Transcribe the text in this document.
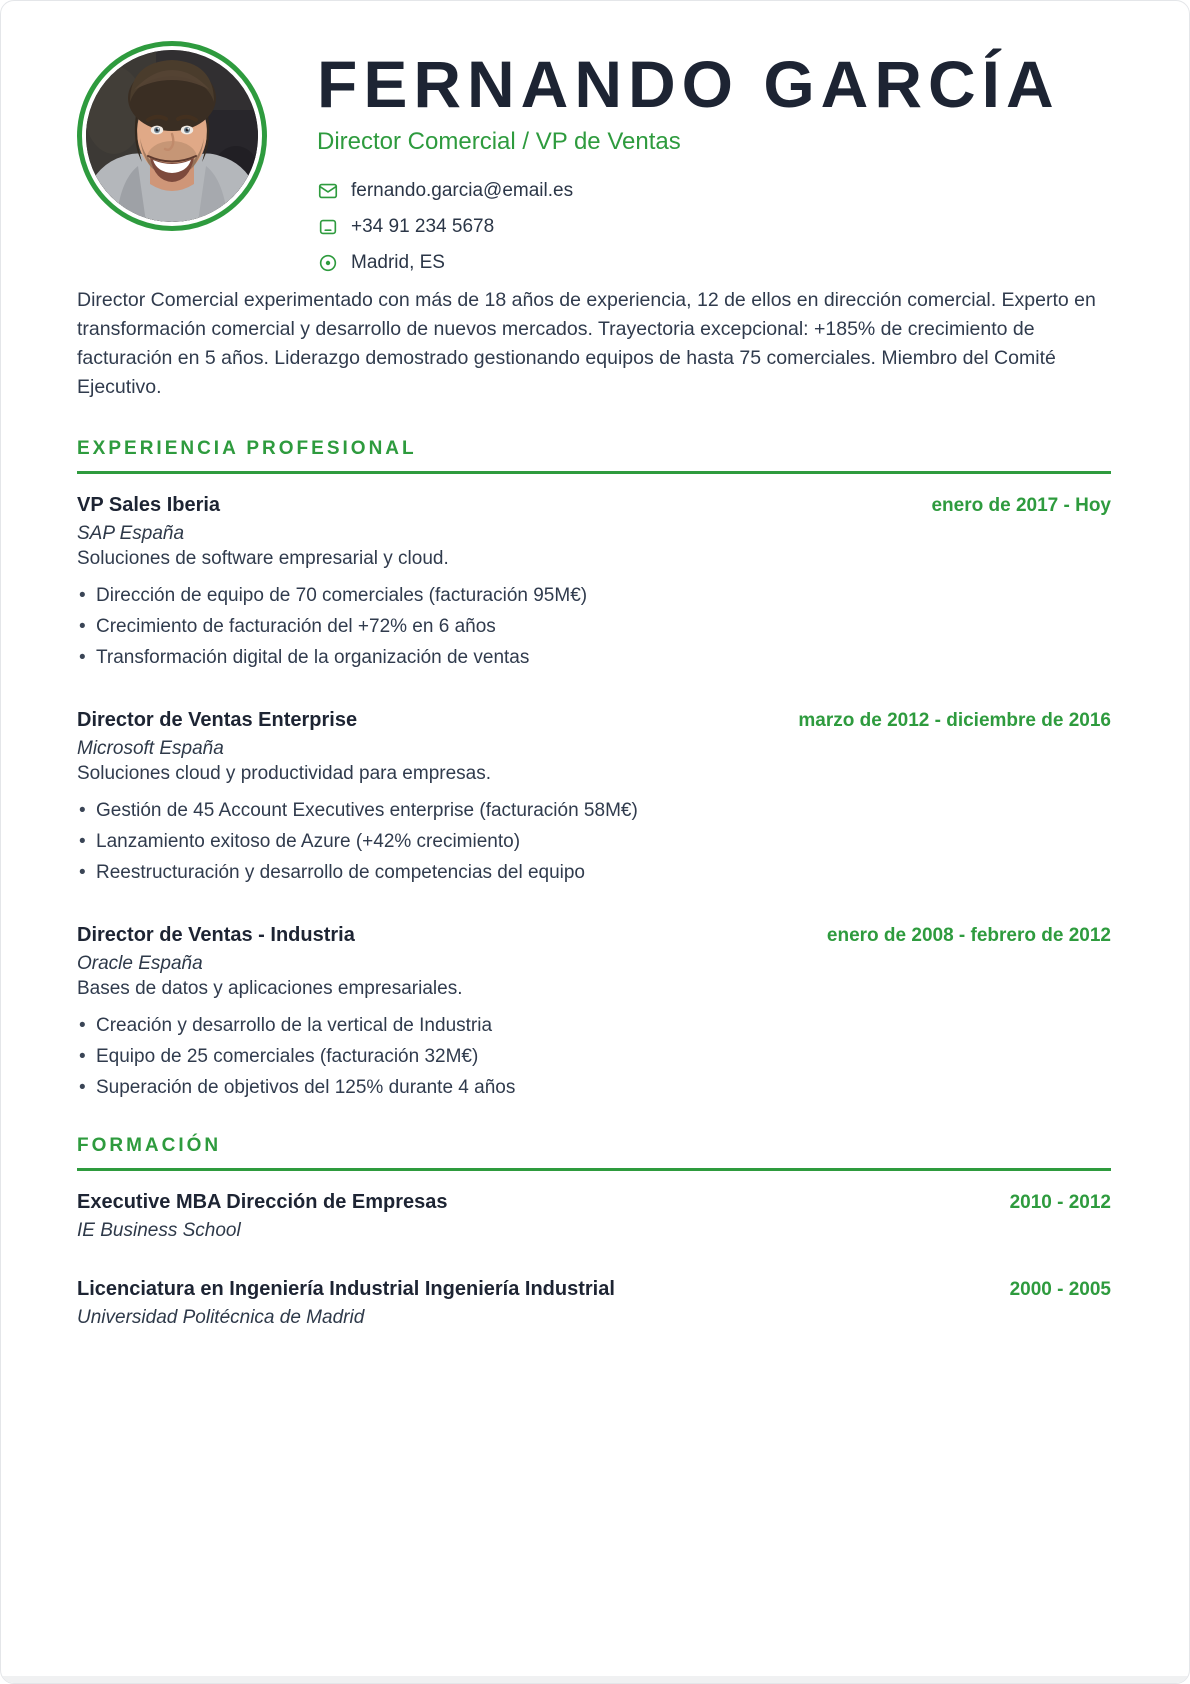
FERNANDO GARCÍA
Director Comercial / VP de Ventas
fernando.garcia@email.es
+34 91 234 5678
Madrid, ES

Director Comercial experimentado con más de 18 años de experiencia, 12 de ellos en dirección comercial. Experto en transformación comercial y desarrollo de nuevos mercados. Trayectoria excepcional: +185% de crecimiento de facturación en 5 años. Liderazgo demostrado gestionando equipos de hasta 75 comerciales. Miembro del Comité Ejecutivo.

EXPERIENCIA PROFESIONAL
VP Sales Iberia	enero de 2017 - Hoy
SAP España
Soluciones de software empresarial y cloud.
• Dirección de equipo de 70 comerciales (facturación 95M€)
• Crecimiento de facturación del +72% en 6 años
• Transformación digital de la organización de ventas
Director de Ventas Enterprise	marzo de 2012 - diciembre de 2016
Microsoft España
Soluciones cloud y productividad para empresas.
• Gestión de 45 Account Executives enterprise (facturación 58M€)
• Lanzamiento exitoso de Azure (+42% crecimiento)
• Reestructuración y desarrollo de competencias del equipo
Director de Ventas - Industria	enero de 2008 - febrero de 2012
Oracle España
Bases de datos y aplicaciones empresariales.
• Creación y desarrollo de la vertical de Industria
• Equipo de 25 comerciales (facturación 32M€)
• Superación de objetivos del 125% durante 4 años
FORMACIÓN
Executive MBA Dirección de Empresas	2010 - 2012
IE Business School
Licenciatura en Ingeniería Industrial Ingeniería Industrial	2000 - 2005
Universidad Politécnica de Madrid
